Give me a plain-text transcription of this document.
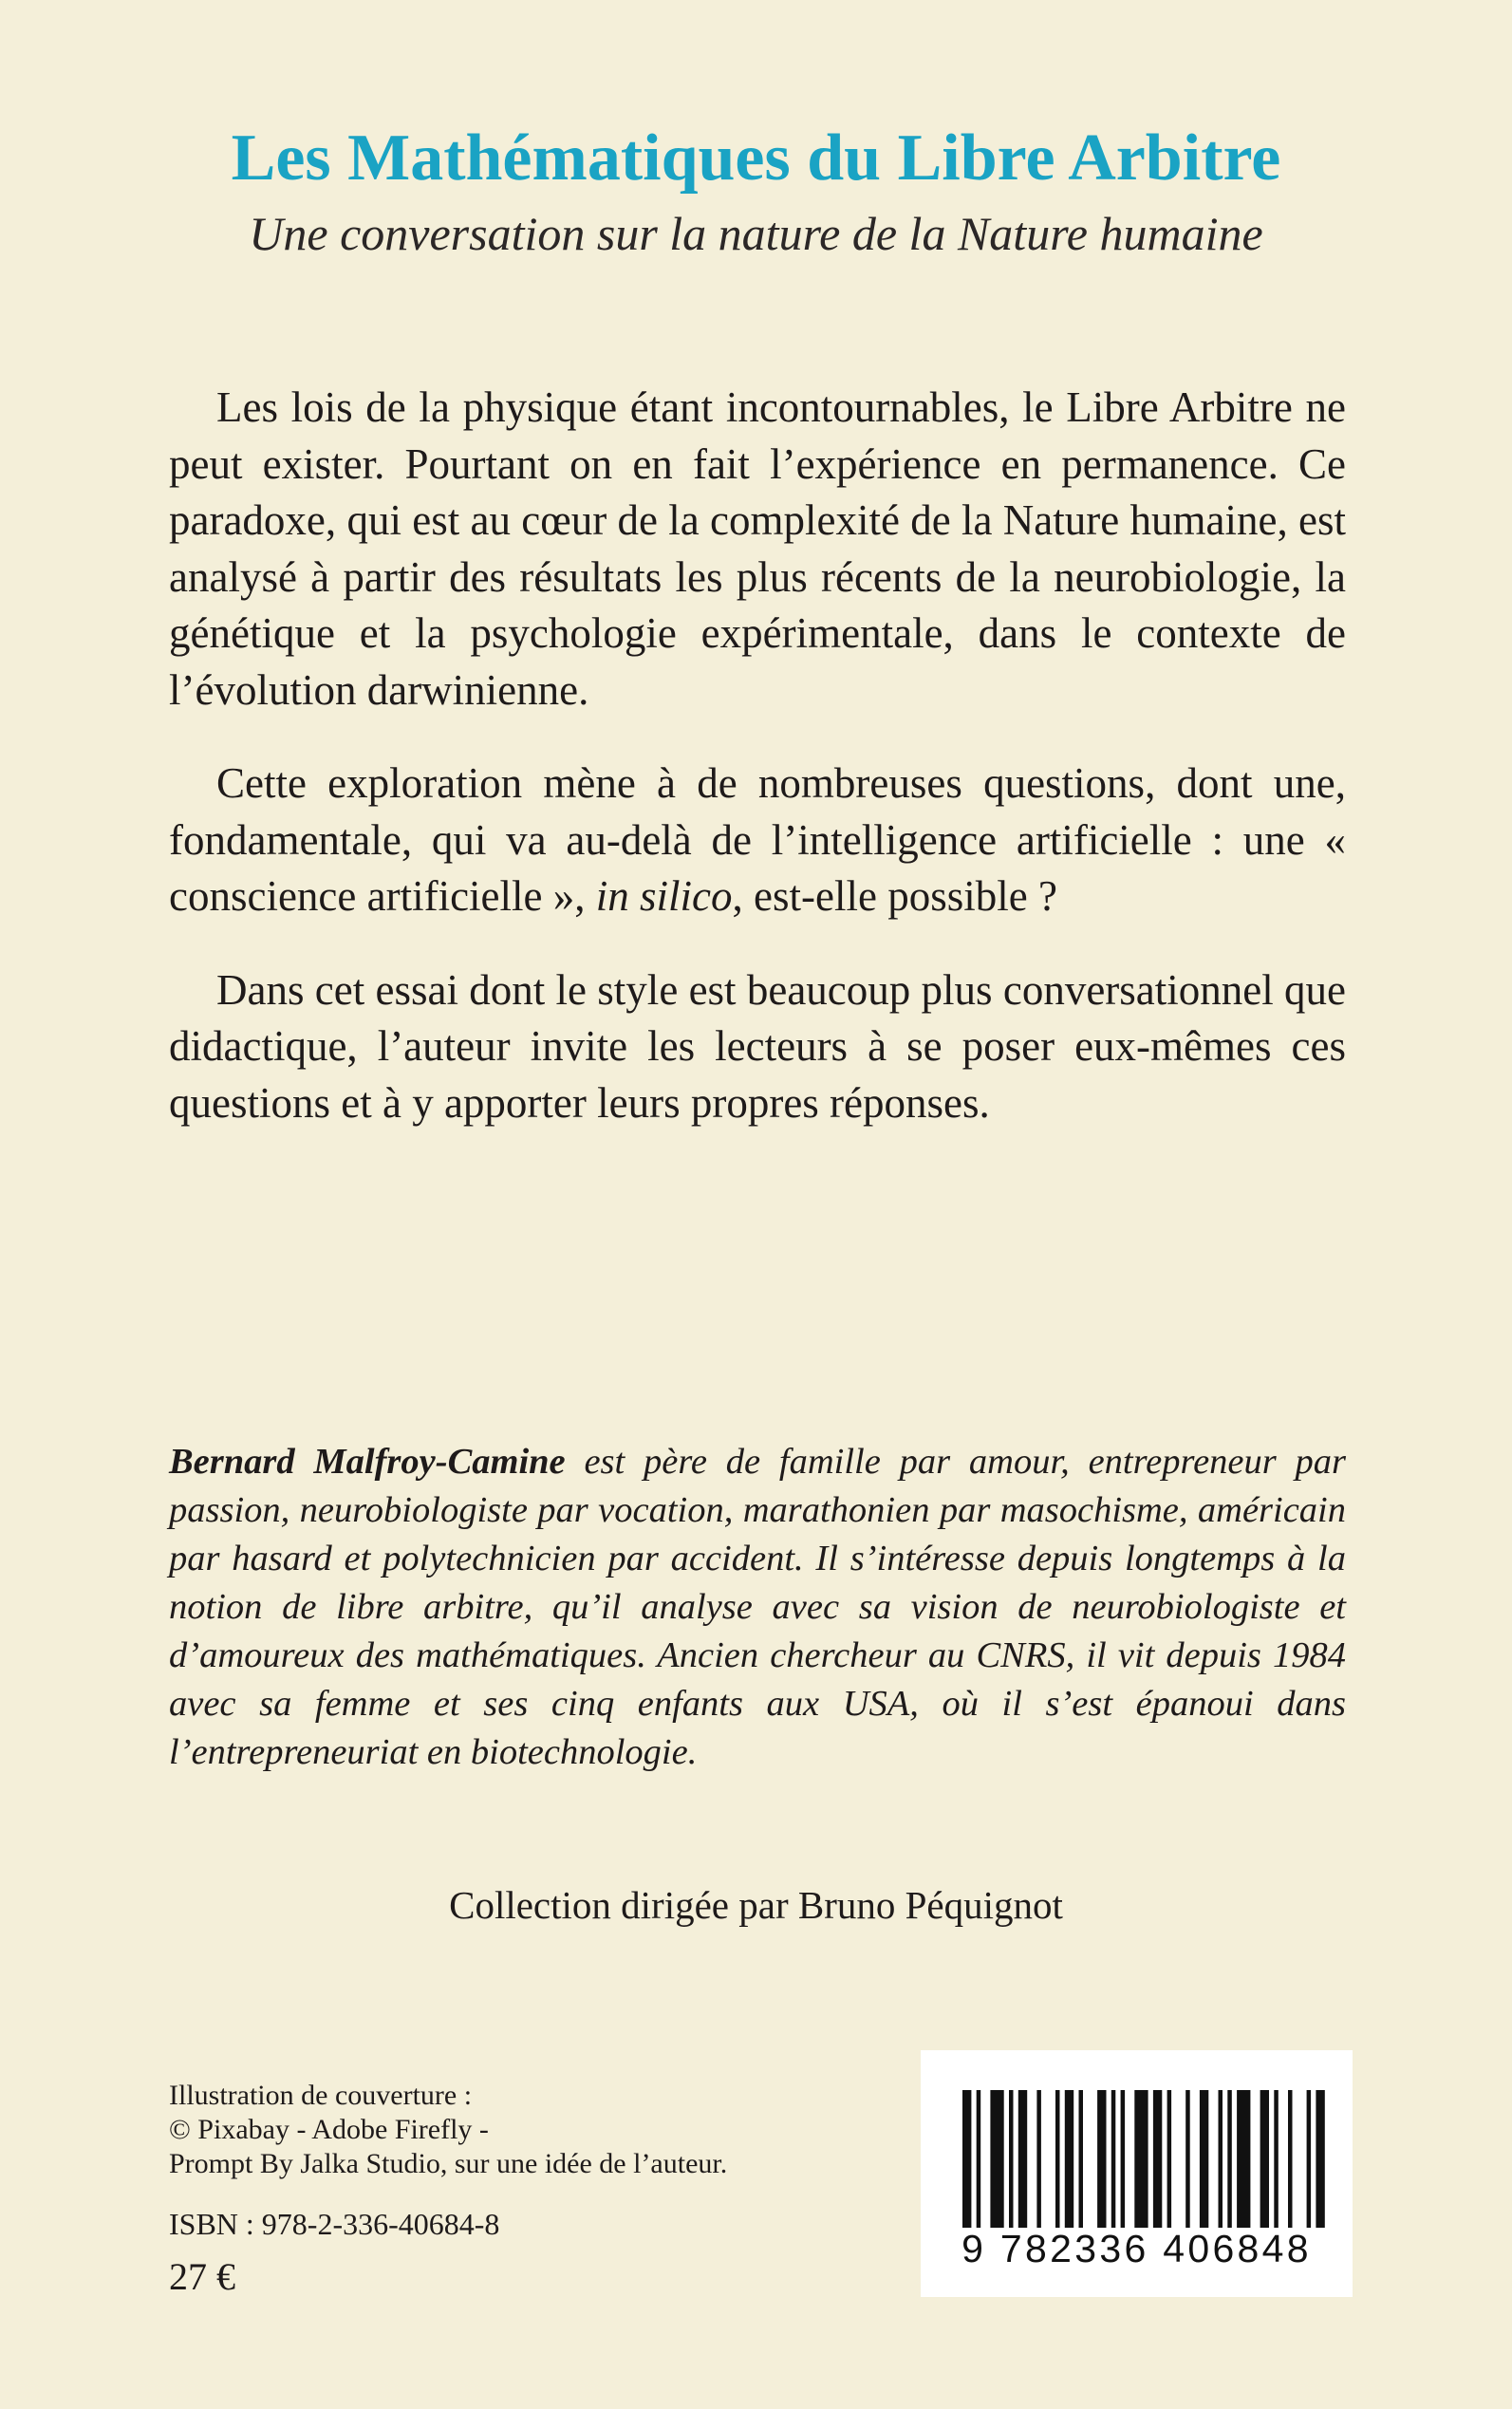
Les Mathématiques du Libre Arbitre
Une conversation sur la nature de la Nature humaine

Les lois de la physique étant incontournables, le Libre Arbitre ne peut exister. Pourtant on en fait l’expérience en permanence. Ce paradoxe, qui est au cœur de la complexité de la Nature humaine, est analysé à partir des résultats les plus récents de la neurobiologie, la génétique et la psychologie expérimentale, dans le contexte de l’évolution darwinienne.

Cette exploration mène à de nombreuses questions, dont une, fondamentale, qui va au-delà de l’intelligence artificielle : une « conscience artificielle », in silico, est-elle possible ?

Dans cet essai dont le style est beaucoup plus conversationnel que didactique, l’auteur invite les lecteurs à se poser eux-mêmes ces questions et à y apporter leurs propres réponses.

Bernard Malfroy-Camine est père de famille par amour, entrepreneur par passion, neurobiologiste par vocation, marathonien par masochisme, américain par hasard et polytechnicien par accident. Il s’intéresse depuis longtemps à la notion de libre arbitre, qu’il analyse avec sa vision de neurobiologiste et d’amoureux des mathématiques. Ancien chercheur au CNRS, il vit depuis 1984 avec sa femme et ses cinq enfants aux USA, où il s’est épanoui dans l’entrepreneuriat en biotechnologie.

Collection dirigée par Bruno Péquignot
Illustration de couverture :
© Pixabay - Adobe Firefly -
Prompt By Jalka Studio, sur une idée de l’auteur.
ISBN : 978-2-336-40684-8
27 €
9 782336 406848
